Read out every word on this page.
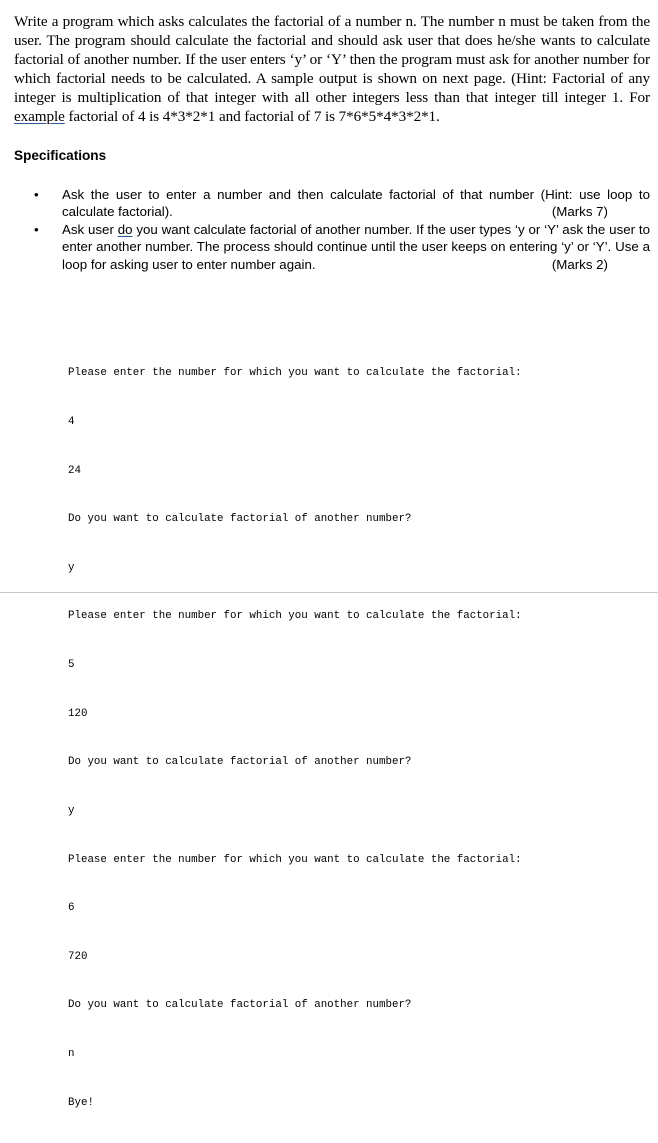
Write a program which asks calculates the factorial of a number n. The number n must be taken from the user. The program should calculate the factorial and should ask user that does he/she wants to calculate factorial of another number. If the user enters ‘y’ or ‘Y’ then the program must ask for another number for which factorial needs to be calculated. A sample output is shown on next page. (Hint: Factorial of any integer is multiplication of that integer with all other integers less than that integer till integer 1. For example factorial of 4 is 4*3*2*1 and factorial of 7 is 7*6*5*4*3*2*1.

Specifications
• Ask the user to enter a number and then calculate factorial of that number (Hint: use loop to calculate factorial).	(Marks 7)
• Ask user do you want calculate factorial of another number. If the user types ‘y or ‘Y’ ask the user to enter another number. The process should continue until the user keeps on entering ‘y’ or ‘Y’. Use a loop for asking user to enter number again.	(Marks 2)

Please enter the number for which you want to calculate the factorial:

4

24

Do you want to calculate factorial of another number?

y

Please enter the number for which you want to calculate the factorial:

5

120

Do you want to calculate factorial of another number?

y

Please enter the number for which you want to calculate the factorial:

6

720

Do you want to calculate factorial of another number?

n

Bye!
